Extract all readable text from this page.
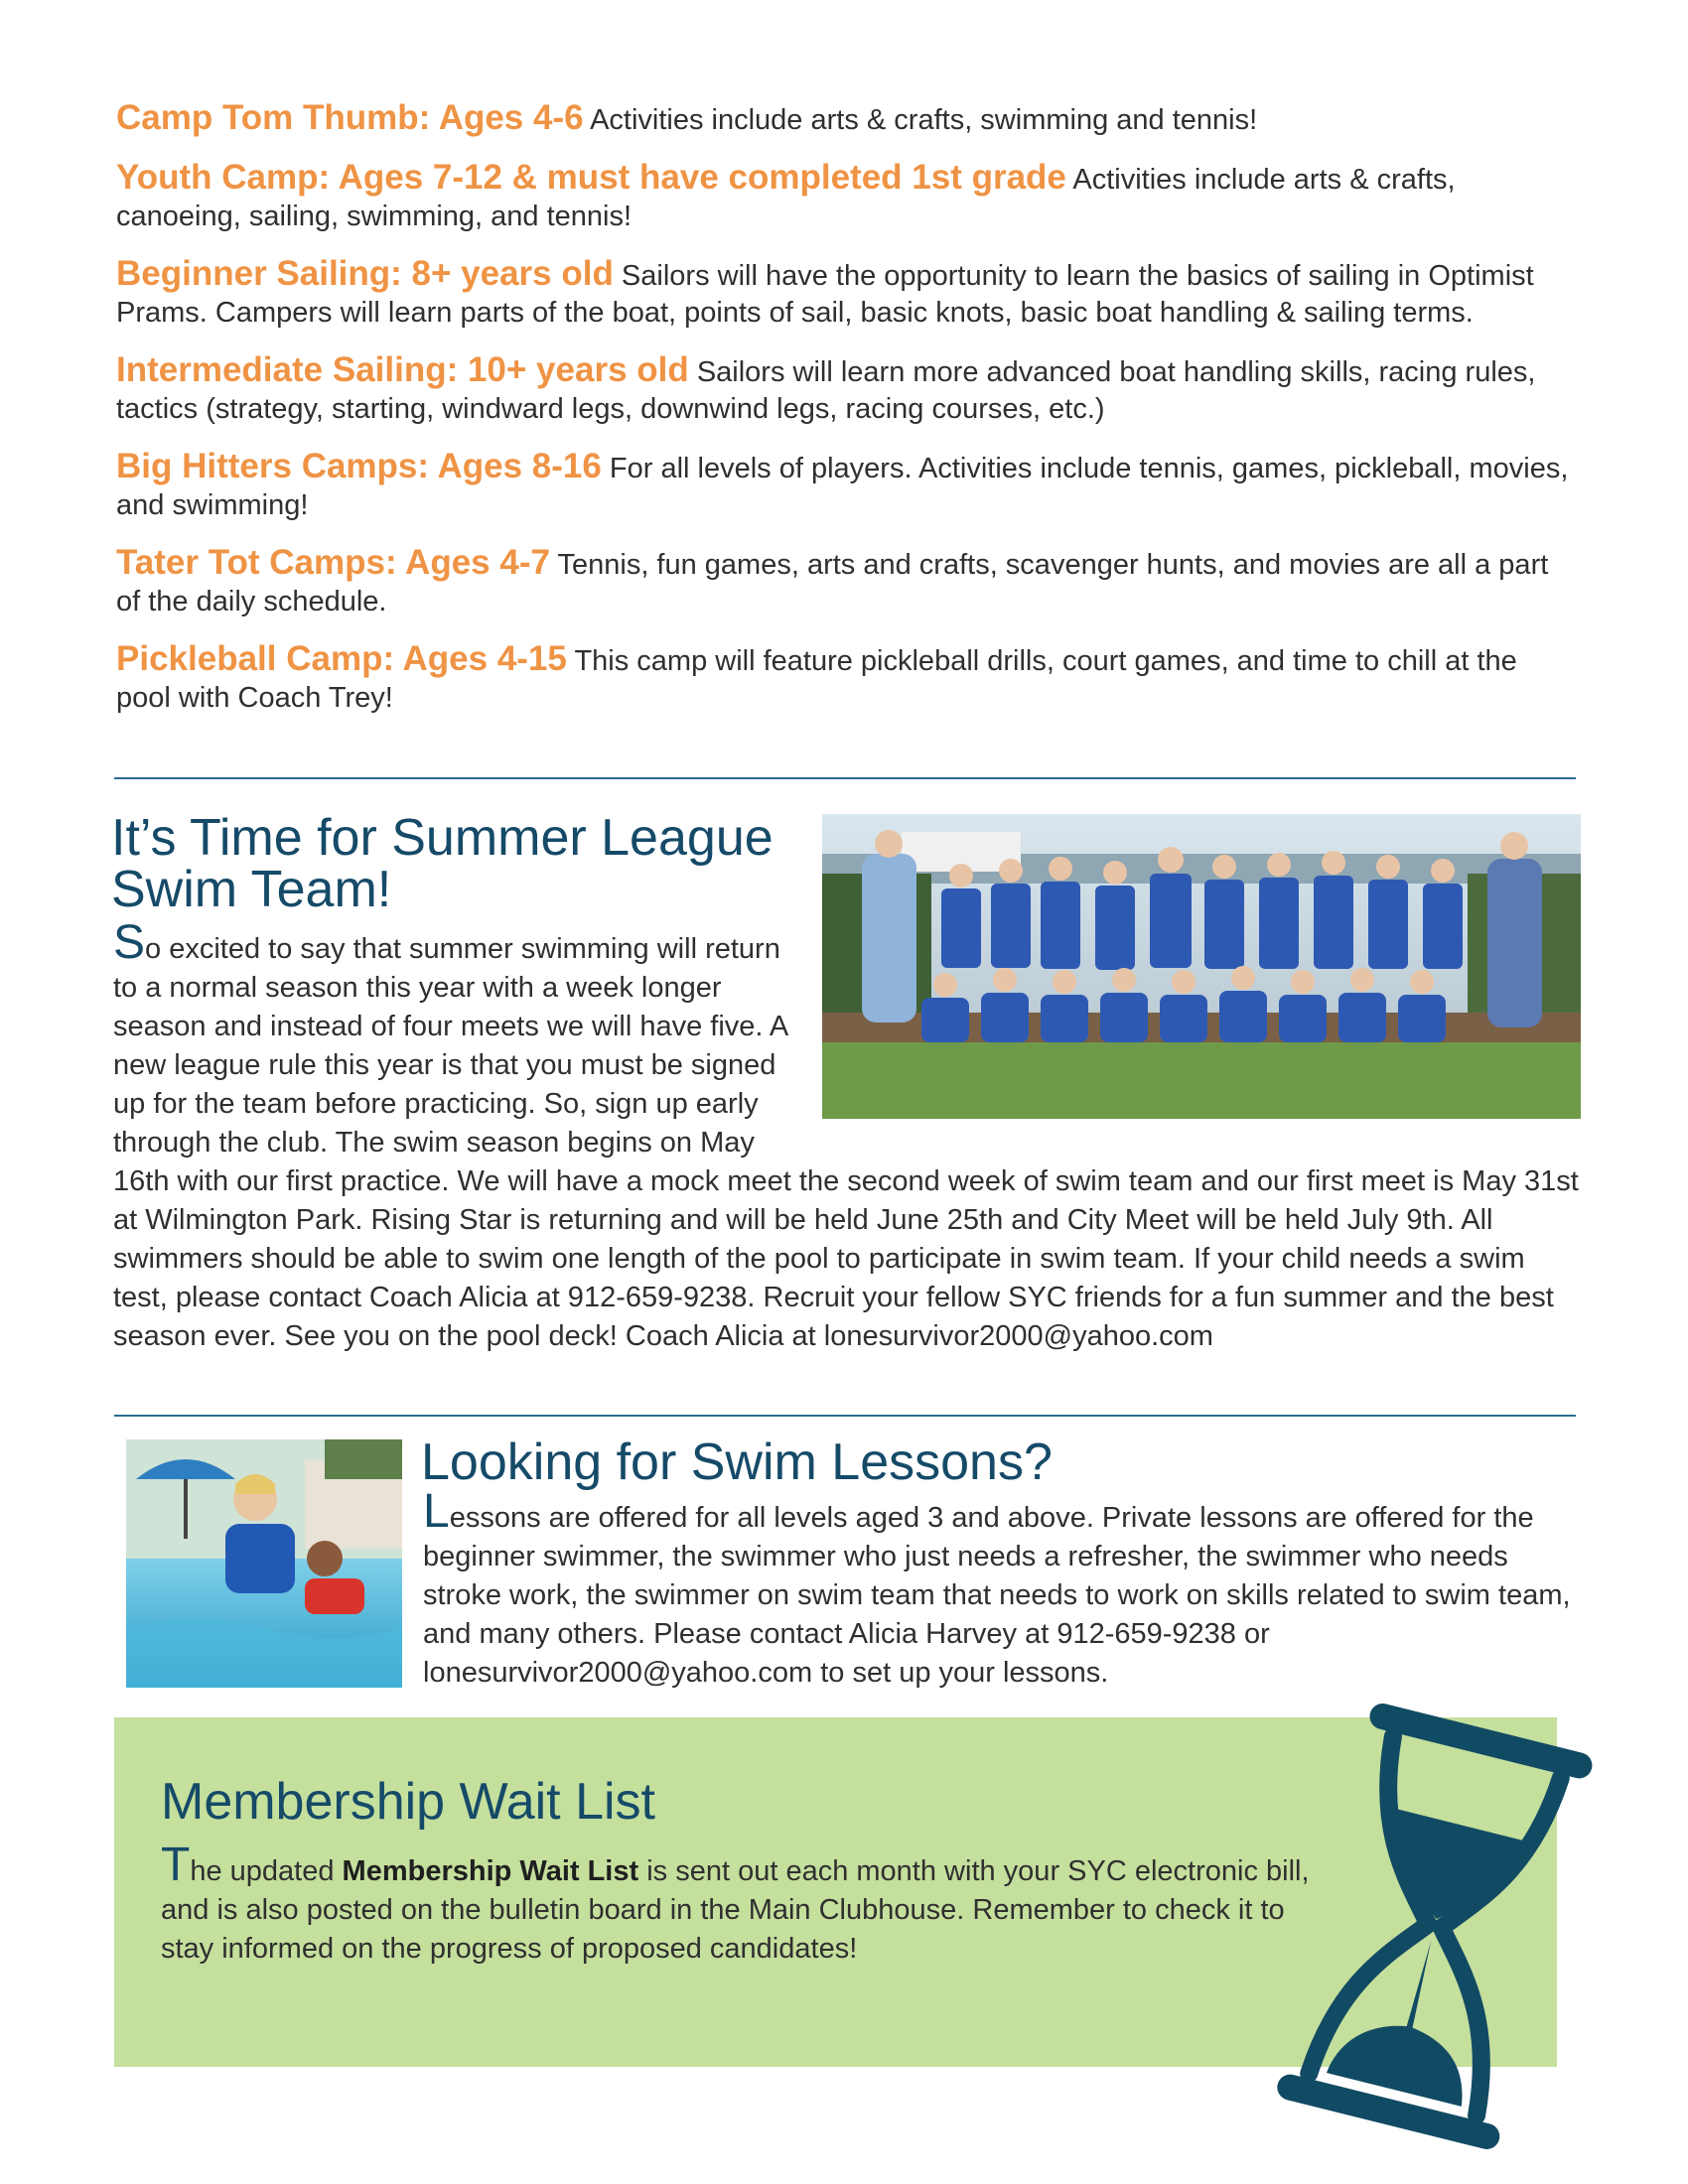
Camp Tom Thumb: Ages 4-6 Activities include arts & crafts, swimming and tennis!

Youth Camp: Ages 7-12 & must have completed 1st grade Activities include arts & crafts, canoeing, sailing, swimming, and tennis!

Beginner Sailing: 8+ years old Sailors will have the opportunity to learn the basics of sailing in Optimist Prams. Campers will learn parts of the boat, points of sail, basic knots, basic boat handling & sailing terms.

Intermediate Sailing: 10+ years old Sailors will learn more advanced boat handling skills, racing rules, tactics (strategy, starting, windward legs, downwind legs, racing courses, etc.)

Big Hitters Camps: Ages 8-16 For all levels of players. Activities include tennis, games, pickleball, movies, and swimming!

Tater Tot Camps: Ages 4-7 Tennis, fun games, arts and crafts, scavenger hunts, and movies are all a part of the daily schedule.

Pickleball Camp: Ages 4-15 This camp will feature pickleball drills, court games, and time to chill at the pool with Coach Trey!

It’s Time for Summer League Swim Team!
So excited to say that summer swimming will return to a normal season this year with a week longer season and instead of four meets we will have five. A new league rule this year is that you must be signed up for the team before practicing. So, sign up early through the club. The swim season begins on May 16th with our first practice. We will have a mock meet the second week of swim team and our first meet is May 31st at Wilmington Park. Rising Star is returning and will be held June 25th and City Meet will be held July 9th. All swimmers should be able to swim one length of the pool to participate in swim team. If your child needs a swim test, please contact Coach Alicia at 912-659-9238. Recruit your fellow SYC friends for a fun summer and the best season ever. See you on the pool deck! Coach Alicia at lonesurvivor2000@yahoo.com
Looking for Swim Lessons?
Lessons are offered for all levels aged 3 and above. Private lessons are offered for the beginner swimmer, the swimmer who just needs a refresher, the swimmer who needs stroke work, the swimmer on swim team that needs to work on skills related to swim team, and many others. Please contact Alicia Harvey at 912-659-9238 or lonesurvivor2000@yahoo.com to set up your lessons.
Membership Wait List
The updated Membership Wait List is sent out each month with your SYC electronic bill, and is also posted on the bulletin board in the Main Clubhouse. Remember to check it to stay informed on the progress of proposed candidates!
